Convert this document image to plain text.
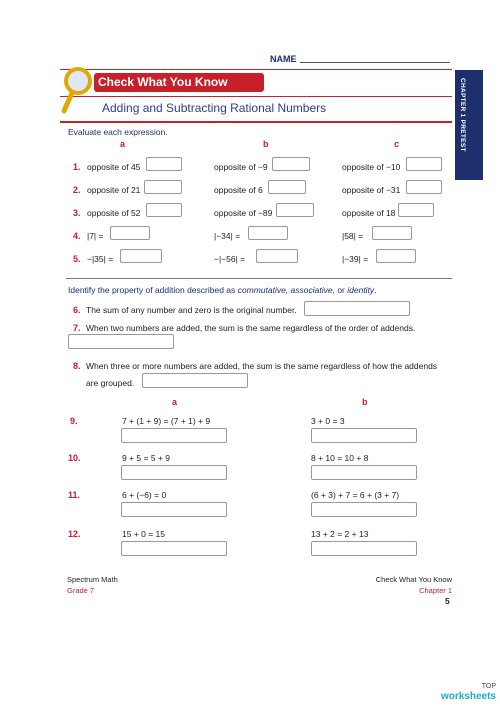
NAME
CHAPTER 1 PRETEST
Check What You Know
Adding and Subtracting Rational Numbers
Evaluate each expression.
a	b	c
1. opposite of 45	opposite of −9	opposite of −10
2. opposite of 21	opposite of 6	opposite of −31
3. opposite of 52	opposite of −89	opposite of 18
4. |7| =	|−34| =	|58| =
5. −|35| =	−|−56| =	|−39| =
Identify the property of addition described as commutative, associative, or identity.
6. The sum of any number and zero is the original number.
7. When two numbers are added, the sum is the same regardless of the order of addends.
8. When three or more numbers are added, the sum is the same regardless of how the addends
are grouped.
a	b
9.	7 + (1 + 9) = (7 + 1) + 9	3 + 0 = 3
10.	9 + 5 = 5 + 9	8 + 10 = 10 + 8
11.	6 + (−6) = 0	(6 + 3) + 7 = 6 + (3 + 7)
12.	15 + 0 = 15	13 + 2 = 2 + 13
Spectrum Math
Grade 7
Check What You Know
Chapter 1
5
TOP
worksheets
